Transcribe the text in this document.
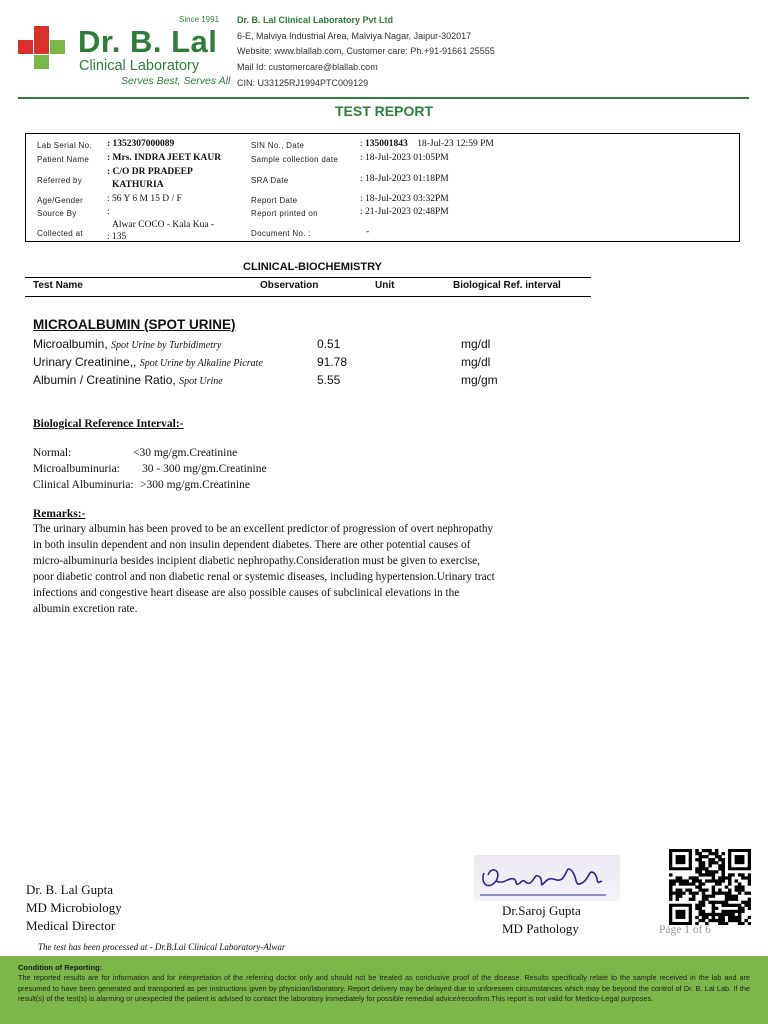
Since 1991
Dr. B. Lal
Clinical Laboratory
Serves Best, Serves All
Dr. B. Lal Clinical Laboratory Pvt Ltd
6-E, Malviya Industrial Area, Malviya Nagar, Jaipur-302017
Website: www.blallab.com, Customer care: Ph.+91-91661 25555
Mail Id: customercare@blallab.com
CIN: U33125RJ1994PTC009129
TEST REPORT
Lab Serial No. : 1352307000089
Patient Name : Mrs. INDRA JEET KAUR
Referred by
: C/O DR PRADEEP
KATHURIA
Age/Gender	: 56 Y 6 M 15 D / F
Source By	:
Collected at
Alwar COCO - Kala Kua -
: 135
SIN No., Date	: 135001843 18-Jul-23 12:59 PM
Sample collection date : 18-Jul-2023 01:05PM
SRA Date	: 18-Jul-2023 01:18PM
Report Date	: 18-Jul-2023 03:32PM
Report printed on	: 21-Jul-2023 02:48PM
Document No. :	-
CLINICAL-BIOCHEMISTRY
Test Name	Observation	Unit	Biological Ref. interval
MICROALBUMIN (SPOT URINE)
Microalbumin, Spot Urine by Turbidimetry	0.51	mg/dl
Urinary Creatinine,, Spot Urine by Alkaline Picrate	91.78	mg/dl
Albumin / Creatinine Ratio, Spot Urine	5.55	mg/gm
Biological Reference Interval:-
Normal:	<30 mg/gm.Creatinine
Microalbuminuria: 30 - 300 mg/gm.Creatinine
Clinical Albuminuria: >300 mg/gm.Creatinine
Remarks:-
The urinary albumin has been proved to be an excellent predictor of progression of overt nephropathy
in both insulin dependent and non insulin dependent diabetes. There are other potential causes of
micro-albuminuria besides incipient diabetic nephropathy.Consideration must be given to exercise,
poor diabetic control and non diabetic renal or systemic diseases, including hypertension.Urinary tract
infections and congestive heart disease are also possible causes of subclinical elevations in the
albumin excretion rate.
Dr. B. Lal Gupta
MD Microbiology
Medical Director
Dr.Saroj Gupta
MD Pathology	Page 1 of 6
The test has been processed at - Dr.B.Lal Clinical Laboratory-Alwar
Condition of Reporting:
The reported results are for information and for interpretation of the referring doctor only and should not be treated as conclusive proof of the disease. Results specifically relate to the sample received in the lab and are presumed to have been generated and transported as per instructions given by physician/laboratory. Report delivery may be delayed due to unforeseen circumstances which may be beyond the control of Dr. B. Lal Lab. If the result(s) of the test(s) is alarming or unexpected the patient is advised to contact the laboratory immediately for possible remedial advice/reconfirm.This report is not valid for Medico-Legal purposes.
